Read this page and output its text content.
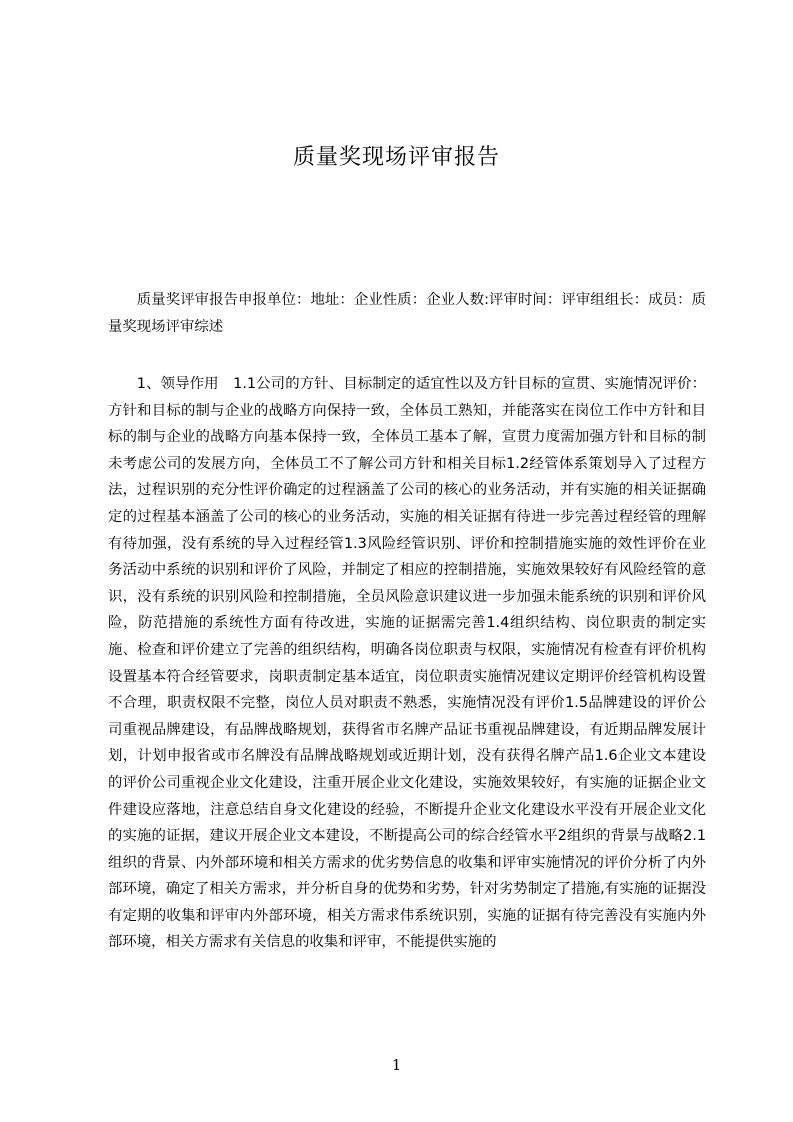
质量奖现场评审报告

质量奖评审报告申报单位：地址：企业性质：企业人数:评审时间：评审组组长：成员：质量奖现场评审综述

1、领导作用　1.1公司的方针、目标制定的适宜性以及方针目标的宣贯、实施情况评价：方针和目标的制与企业的战略方向保持一致，全体员工熟知，并能落实在岗位工作中方针和目标的制与企业的战略方向基本保持一致，全体员工基本了解，宣贯力度需加强方针和目标的制未考虑公司的发展方向，全体员工不了解公司方针和相关目标1.2经管体系策划导入了过程方法，过程识别的充分性评价确定的过程涵盖了公司的核心的业务活动，并有实施的相关证据确定的过程基本涵盖了公司的核心的业务活动，实施的相关证据有待进一步完善过程经管的理解有待加强，没有系统的导入过程经管1.3风险经管识别、评价和控制措施实施的效性评价在业务活动中系统的识别和评价了风险，并制定了相应的控制措施，实施效果较好有风险经管的意识，没有系统的识别风险和控制措施，全员风险意识建议进一步加强未能系统的识别和评价风险，防范措施的系统性方面有待改进，实施的证据需完善1.4组织结构、岗位职责的制定实施、检查和评价建立了完善的组织结构，明确各岗位职责与权限，实施情况有检查有评价机构设置基本符合经管要求，岗职责制定基本适宜，岗位职责实施情况建议定期评价经管机构设置不合理，职责权限不完整，岗位人员对职责不熟悉，实施情况没有评价1.5品牌建设的评价公司重视品牌建设，有品牌战略规划，获得省市名牌产品证书重视品牌建设，有近期品牌发展计划，计划申报省或市名牌没有品牌战略规划或近期计划，没有获得名牌产品1.6企业文本建设的评价公司重视企业文化建设，注重开展企业文化建设，实施效果较好，有实施的证据企业文件建设应落地，注意总结自身文化建设的经验，不断提升企业文化建设水平没有开展企业文化的实施的证据，建议开展企业文本建设，不断提高公司的综合经管水平2组织的背景与战略2.1组织的背景、内外部环境和相关方需求的优劣势信息的收集和评审实施情况的评价分析了内外部环境，确定了相关方需求，并分析自身的优势和劣势，针对劣势制定了措施,有实施的证据没有定期的收集和评审内外部环境，相关方需求伟系统识别，实施的证据有待完善没有实施内外部环境，相关方需求有关信息的收集和评审，不能提供实施的

1
